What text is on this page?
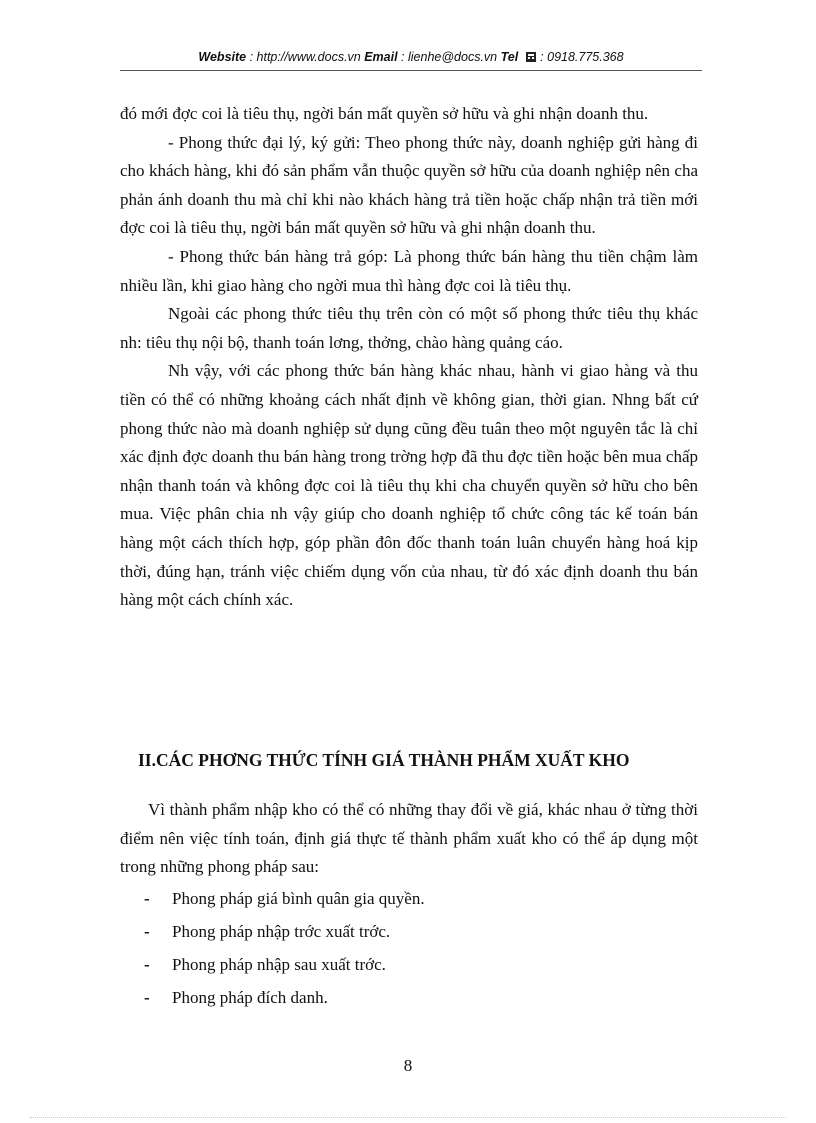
Website : http://www.docs.vn Email : lienhe@docs.vn Tel  : 0918.775.368

đó mới đợc coi là tiêu thụ, ngời bán mất quyền sở hữu và ghi nhận doanh thu.

- Phong thức đại lý, ký gửi: Theo phong thức này, doanh nghiệp gửi hàng đi cho khách hàng, khi đó sản phẩm vẫn thuộc quyền sở hữu của doanh nghiệp nên cha phản ánh doanh thu mà chỉ khi nào khách hàng trả tiền hoặc chấp nhận trả tiền mới đợc coi là tiêu thụ, ngời bán mất quyền sở hữu và ghi nhận doanh thu.

- Phong thức bán hàng trả góp: Là phong thức bán hàng thu tiền chậm làm nhiều lần, khi giao hàng cho ngời mua thì hàng đợc coi là tiêu thụ.

Ngoài các phong thức tiêu thụ trên còn có một số phong thức tiêu thụ khác nh: tiêu thụ nội bộ, thanh toán lơng, thởng, chào hàng quảng cáo.

Nh vậy, với các phong thức bán hàng khác nhau, hành vi giao hàng và thu tiền có thể có những khoảng cách nhất định về không gian, thời gian. Nhng bất cứ phong thức nào mà doanh nghiệp sử dụng cũng đều tuân theo một nguyên tắc là chỉ xác định đợc doanh thu bán hàng trong trờng hợp đã thu đợc tiền hoặc bên mua chấp nhận thanh toán và không đợc coi là tiêu thụ khi cha chuyển quyền sở hữu cho bên mua. Việc phân chia nh vậy giúp cho doanh nghiệp tổ chức công tác kế toán bán hàng một cách thích hợp, góp phần đôn đốc thanh toán luân chuyển hàng hoá kịp thời, đúng hạn, tránh việc chiếm dụng vốn của nhau, từ đó xác định doanh thu bán hàng một cách chính xác.

II.CÁC PHƠNG THỨC TÍNH GIÁ THÀNH PHẨM XUẤT KHO

Vì thành phẩm nhập kho có thể có những thay đổi về giá, khác nhau ở từng thời điểm nên việc tính toán, định giá thực tế thành phẩm xuất kho có thể áp dụng một trong những phong pháp sau:

- Phong pháp giá bình quân gia quyền.
- Phong pháp nhập trớc xuất trớc.
- Phong pháp nhập sau xuất trớc.
- Phong pháp đích danh.
8
